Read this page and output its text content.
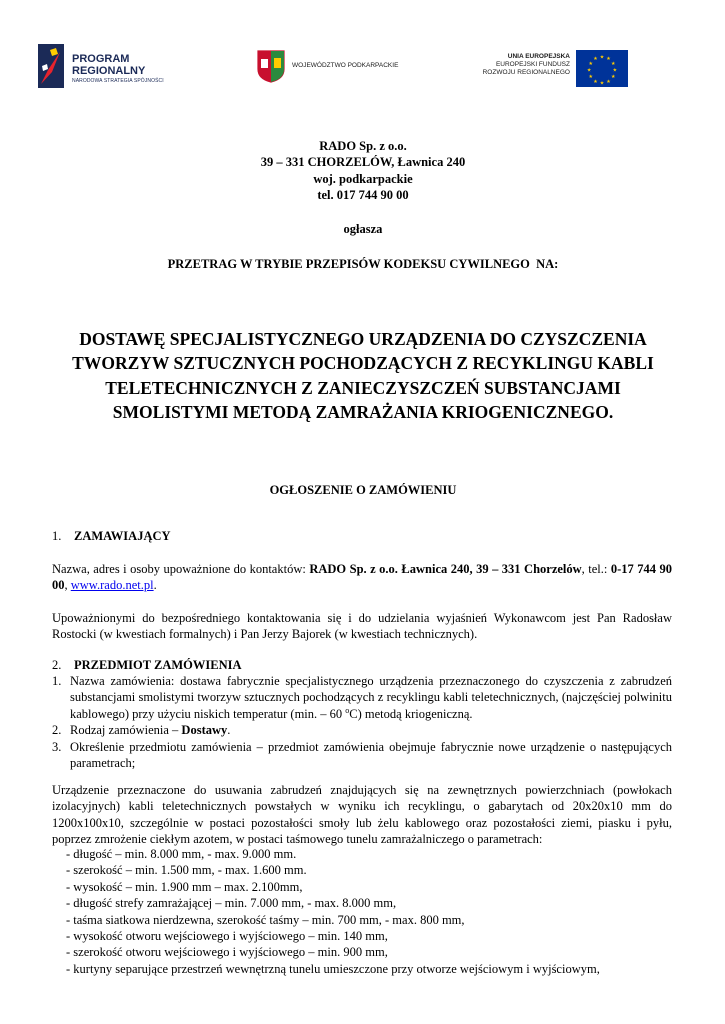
PROGRAM
REGIONALNY
NARODOWA STRATEGIA SPÓJNOŚCI
WOJEWÓDZTWO PODKARPACKIE
UNIA EUROPEJSKA
EUROPEJSKI FUNDUSZ
ROZWOJU REGIONALNEGO
★ ★
★
★
★
★
★
★
★
★
★
★
RADO Sp. z o.o.
39 – 331 CHORZELÓW, Ławnica 240
woj. podkarpackie
tel. 017 744 90 00
ogłasza
PRZETRAG W TRYBIE PRZEPISÓW KODEKSU CYWILNEGO  NA:
DOSTAWĘ SPECJALISTYCZNEGO URZĄDZENIA DO CZYSZCZENIA
TWORZYW SZTUCZNYCH POCHODZĄCYCH Z RECYKLINGU KABLI
TELETECHNICZNYCH Z ZANIECZYSZCZEŃ SUBSTANCJAMI
SMOLISTYMI METODĄ ZAMRAŻANIA KRIOGENICZNEGO.
OGŁOSZENIE O ZAMÓWIENIU
1. ZAMAWIAJĄCY
Nazwa, adres i osoby upoważnione do kontaktów: RADO Sp. z o.o. Ławnica 240, 39 – 331 Chorzelów, tel.: 0-17 744 90 00, www.rado.net.pl.
Upoważnionymi do bezpośredniego kontaktowania się i do udzielania wyjaśnień Wykonawcom jest Pan Radosław Rostocki (w kwestiach formalnych) i Pan Jerzy Bajorek (w kwestiach technicznych).
2. PRZEDMIOT ZAMÓWIENIA
1. Nazwa zamówienia: dostawa fabrycznie specjalistycznego urządzenia przeznaczonego do czyszczenia z zabrudzeń substancjami smolistymi tworzyw sztucznych pochodzących z recyklingu kabli teletechnicznych, (najczęściej polwinitu kablowego) przy użyciu niskich temperatur (min. – 60 $^o$C) metodą kriogeniczną.
2. Rodzaj zamówienia – Dostawy.
3. Określenie przedmiotu zamówienia – przedmiot zamówienia obejmuje fabrycznie nowe urządzenie o następujących parametrach;
Urządzenie przeznaczone do usuwania zabrudzeń znajdujących się na zewnętrznych powierzchniach (powłokach izolacyjnych) kabli teletechnicznych powstałych w wyniku ich recyklingu, o gabarytach od 20x20x10 mm do 1200x100x10, szczególnie w postaci pozostałości smoły lub żelu kablowego oraz pozostałości ziemi, piasku i pyłu, poprzez zmrożenie ciekłym azotem, w postaci taśmowego tunelu zamrażalniczego o parametrach:
- długość – min. 8.000 mm, - max. 9.000 mm.
- szerokość – min. 1.500 mm, - max. 1.600 mm.
- wysokość – min. 1.900 mm – max. 2.100mm,
- długość strefy zamrażającej – min. 7.000 mm, - max. 8.000 mm,
- taśma siatkowa nierdzewna, szerokość taśmy – min. 700 mm, - max. 800 mm,
- wysokość otworu wejściowego i wyjściowego – min. 140 mm,
- szerokość otworu wejściowego i wyjściowego – min. 900 mm,
- kurtyny separujące przestrzeń wewnętrzną tunelu umieszczone przy otworze wejściowym i wyjściowym,
